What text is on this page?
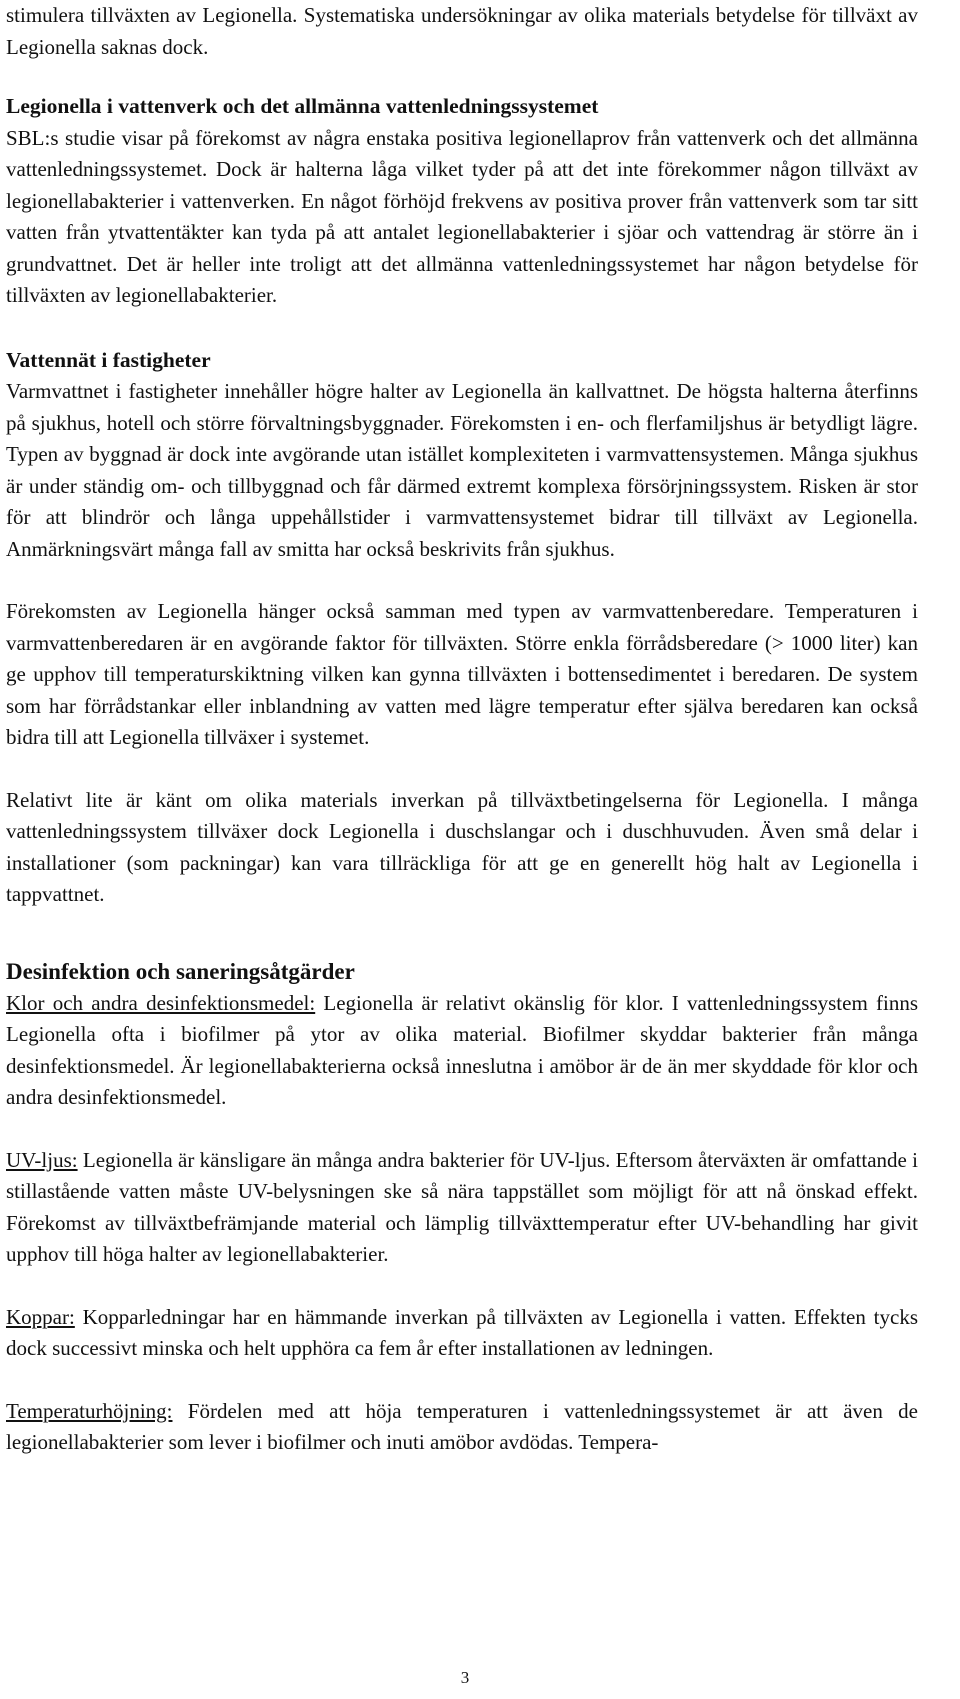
stimulera tillväxten av Legionella. Systematiska undersökningar av olika materials betydelse för tillväxt av Legionella saknas dock.

Legionella i vattenverk och det allmänna vattenledningssystemet

SBL:s studie visar på förekomst av några enstaka positiva legionellaprov från vattenverk och det allmänna vattenledningssystemet. Dock är halterna låga vilket tyder på att det inte förekommer någon tillväxt av legionellabakterier i vattenverken. En något förhöjd frekvens av positiva prover från vattenverk som tar sitt vatten från ytvattentäkter kan tyda på att antalet legionellabakterier i sjöar och vattendrag är större än i grundvattnet. Det är heller inte troligt att det allmänna vattenledningssystemet har någon betydelse för tillväxten av legionellabakterier.

Vattennät i fastigheter

Varmvattnet i fastigheter innehåller högre halter av Legionella än kallvattnet. De högsta halterna återfinns på sjukhus, hotell och större förvaltningsbyggnader. Förekomsten i en- och flerfamiljshus är betydligt lägre. Typen av byggnad är dock inte avgörande utan istället komplexiteten i varmvattensystemen. Många sjukhus är under ständig om- och tillbyggnad och får därmed extremt komplexa försörjningssystem. Risken är stor för att blindrör och långa uppehållstider i varmvattensystemet bidrar till tillväxt av Legionella. Anmärkningsvärt många fall av smitta har också beskrivits från sjukhus.

Förekomsten av Legionella hänger också samman med typen av varmvattenberedare. Temperaturen i varmvattenberedaren är en avgörande faktor för tillväxten. Större enkla förrådsberedare (> 1000 liter) kan ge upphov till temperaturskiktning vilken kan gynna tillväxten i bottensedimentet i beredaren. De system som har förrådstankar eller inblandning av vatten med lägre temperatur efter själva beredaren kan också bidra till att Legionella tillväxer i systemet.

Relativt lite är känt om olika materials inverkan på tillväxtbetingelserna för Legionella. I många vattenledningssystem tillväxer dock Legionella i duschslangar och i duschhuvuden. Även små delar i installationer (som packningar) kan vara tillräckliga för att ge en generellt hög halt av Legionella i tappvattnet.

Desinfektion och saneringsåtgärder

Klor och andra desinfektionsmedel: Legionella är relativt okänslig för klor. I vattenledningssystem finns Legionella ofta i biofilmer på ytor av olika material. Biofilmer skyddar bakterier från många desinfektionsmedel. Är legionellabakterierna också inneslutna i amöbor är de än mer skyddade för klor och andra desinfektionsmedel.

UV-ljus: Legionella är känsligare än många andra bakterier för UV-ljus. Eftersom återväxten är omfattande i stillastående vatten måste UV-belysningen ske så nära tappstället som möjligt för att nå önskad effekt. Förekomst av tillväxtbefrämjande material och lämplig tillväxttemperatur efter UV-behandling har givit upphov till höga halter av legionellabakterier.

Koppar: Kopparledningar har en hämmande inverkan på tillväxten av Legionella i vatten. Effekten tycks dock successivt minska och helt upphöra ca fem år efter installationen av ledningen.

Temperaturhöjning: Fördelen med att höja temperaturen i vattenledningssystemet är att även de legionellabakterier som lever i biofilmer och inuti amöbor avdödas. Tempera-

3
